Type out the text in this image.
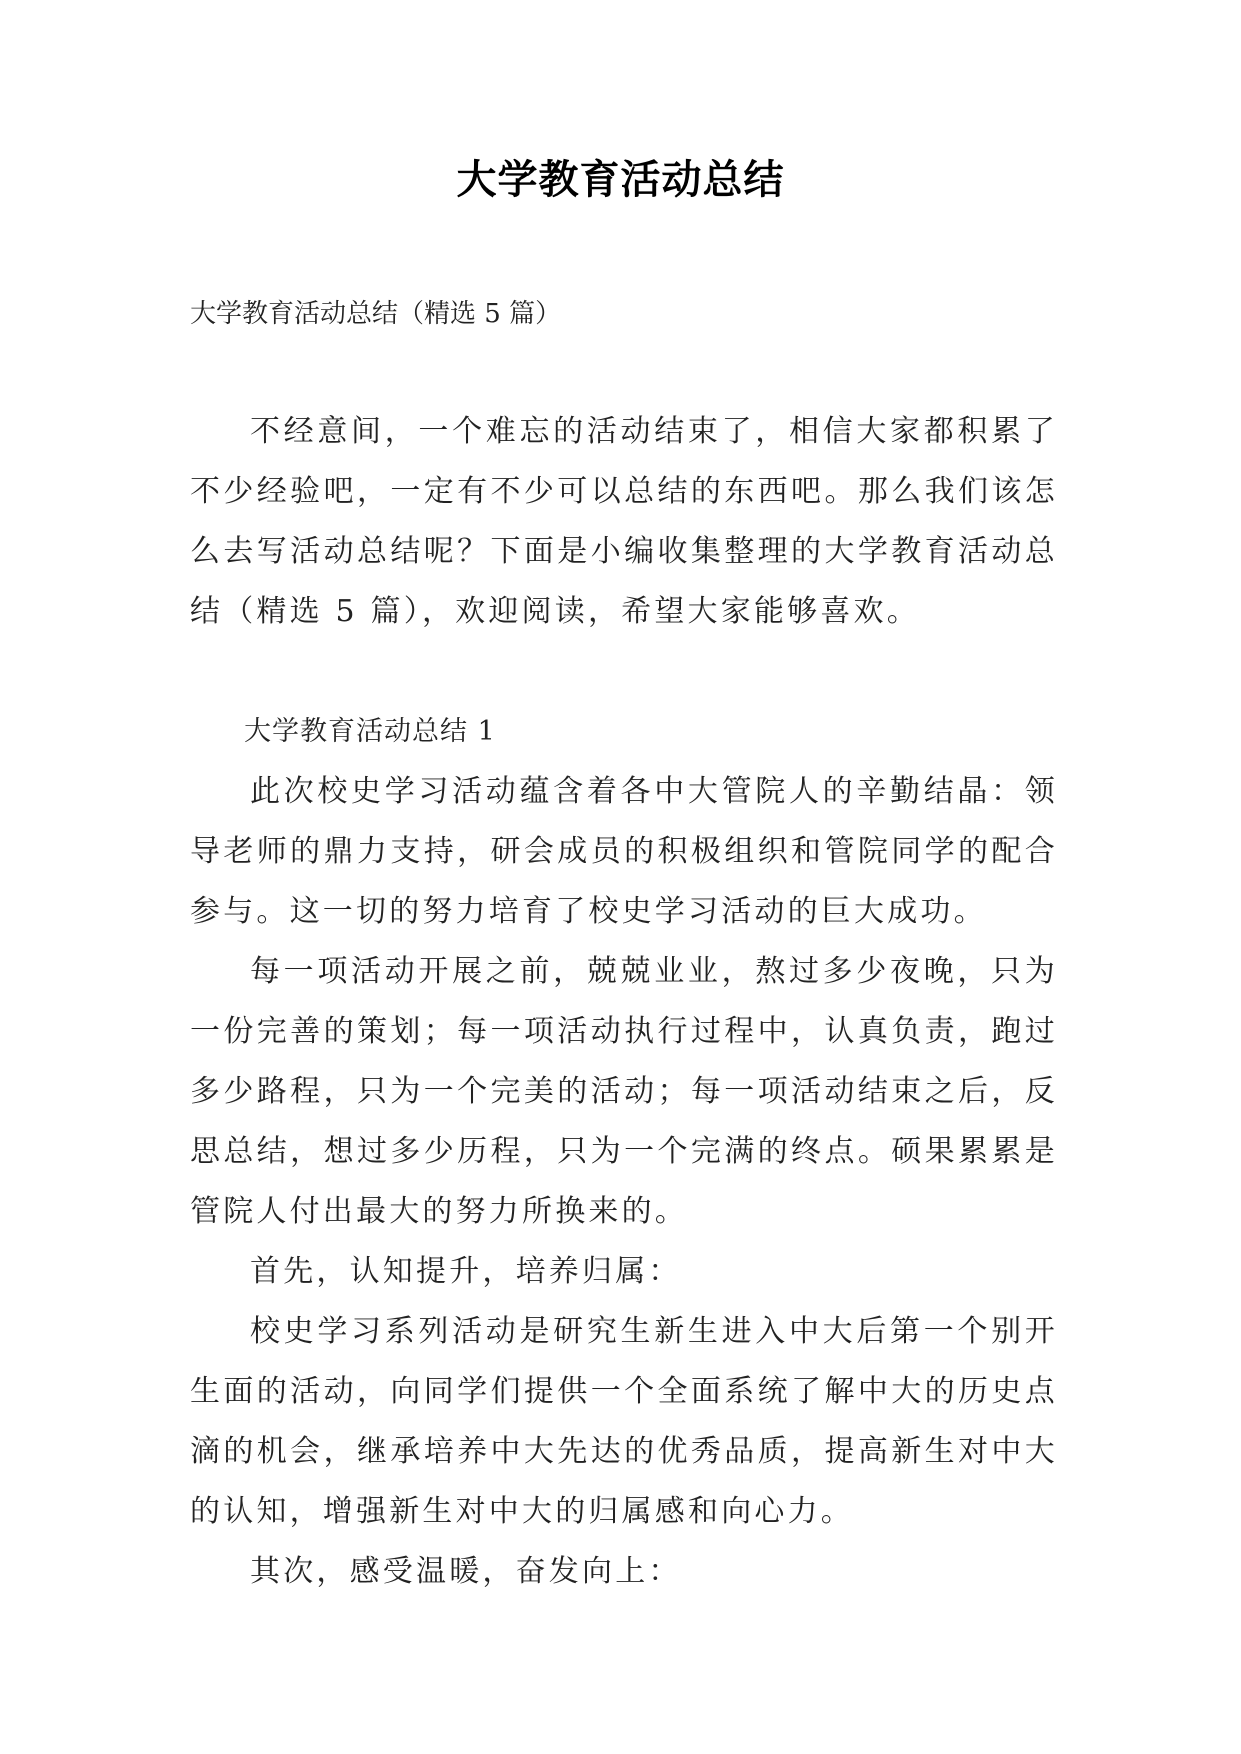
大学教育活动总结
大学教育活动总结（精选 5 篇）

不经意间，一个难忘的活动结束了，相信大家都积累了不少经验吧，一定有不少可以总结的东西吧。那么我们该怎么去写活动总结呢？下面是小编收集整理的大学教育活动总结（精选 5 篇），欢迎阅读，希望大家能够喜欢。

大学教育活动总结 1

此次校史学习活动蕴含着各中大管院人的辛勤结晶：领导老师的鼎力支持，研会成员的积极组织和管院同学的配合参与。这一切的努力培育了校史学习活动的巨大成功。

每一项活动开展之前，兢兢业业，熬过多少夜晚，只为一份完善的策划；每一项活动执行过程中，认真负责，跑过多少路程，只为一个完美的活动；每一项活动结束之后，反思总结，想过多少历程，只为一个完满的终点。硕果累累是管院人付出最大的努力所换来的。

首先，认知提升，培养归属：

校史学习系列活动是研究生新生进入中大后第一个别开生面的活动，向同学们提供一个全面系统了解中大的历史点滴的机会，继承培养中大先达的优秀品质，提高新生对中大的认知，增强新生对中大的归属感和向心力。

其次，感受温暖，奋发向上：
